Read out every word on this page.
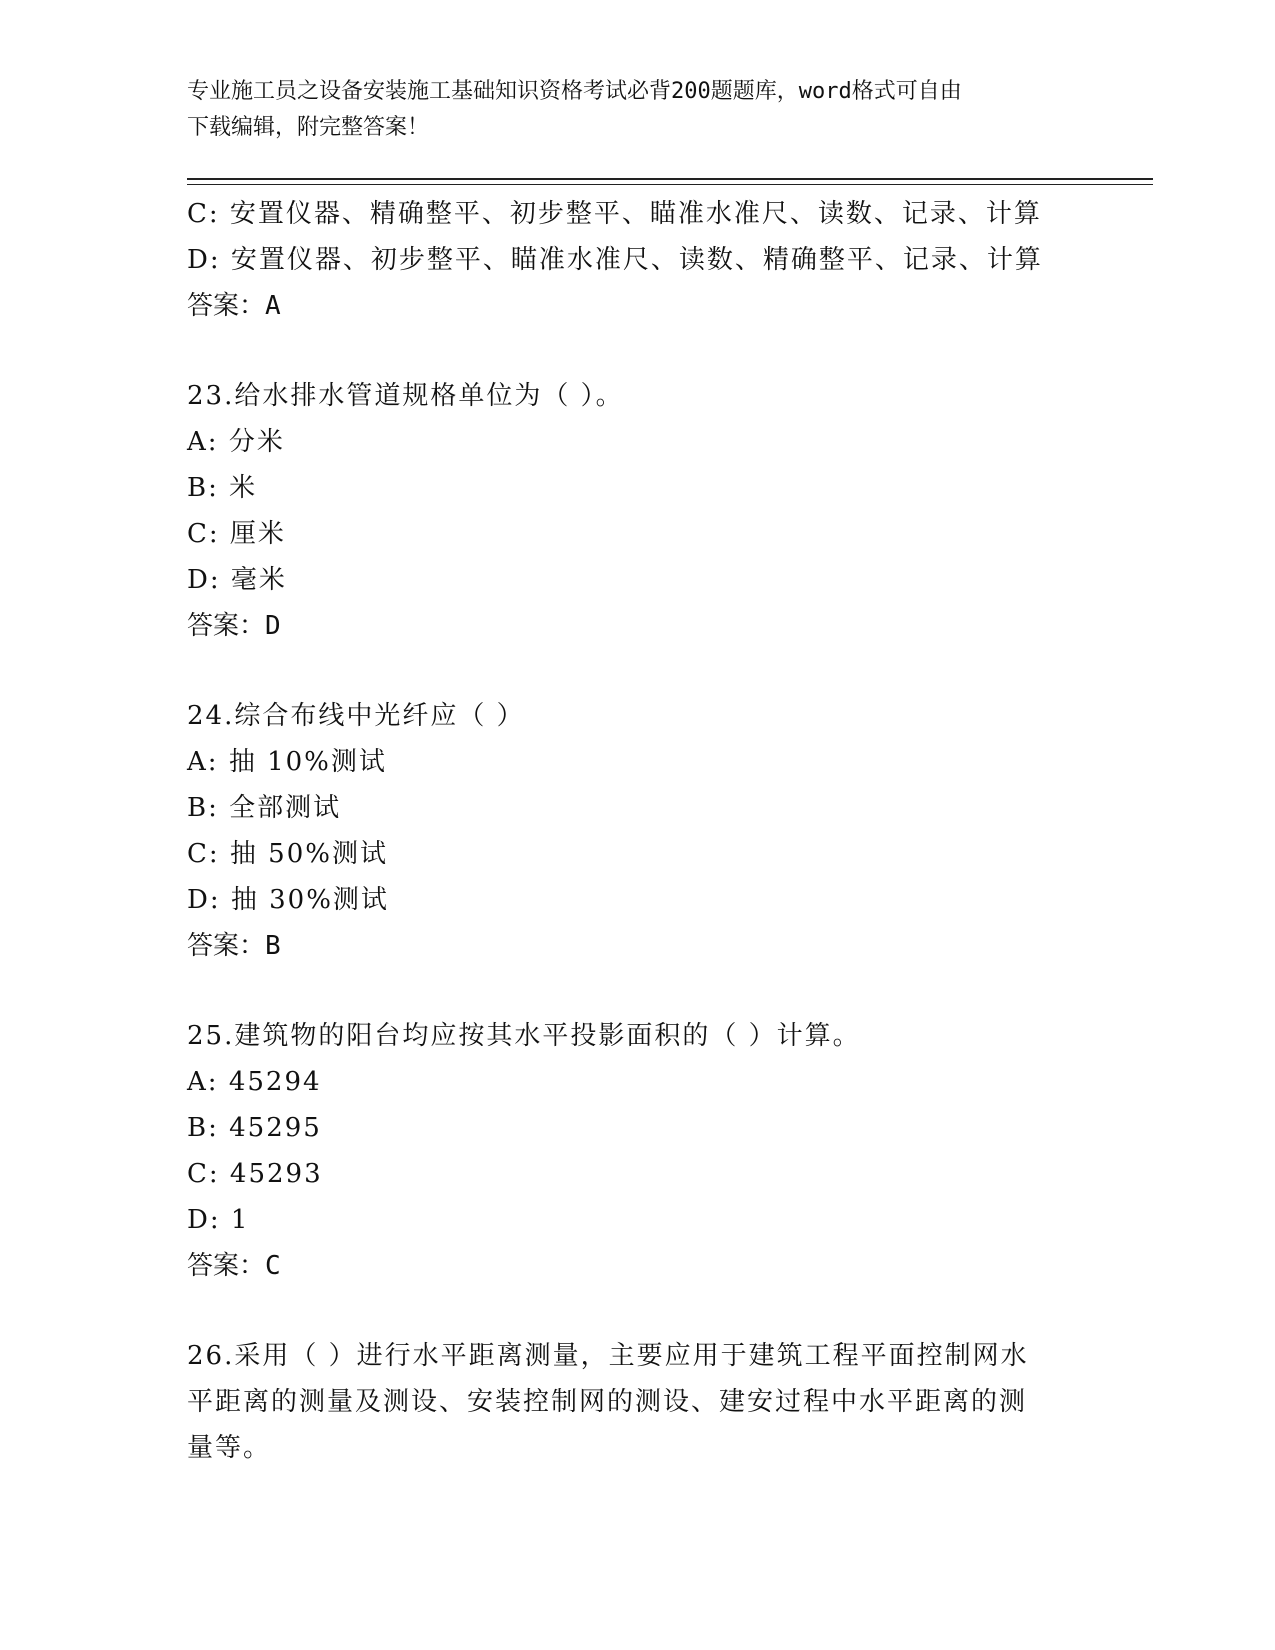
专业施工员之设备安装施工基础知识资格考试必背200题题库，word格式可自由
下载编辑，附完整答案！
C: 安置仪器、精确整平、初步整平、瞄准水准尺、读数、记录、计算
D: 安置仪器、初步整平、瞄准水准尺、读数、精确整平、记录、计算
答案：A
23.给水排水管道规格单位为（ ）。
A: 分米
B: 米
C: 厘米
D: 毫米
答案：D
24.综合布线中光纤应（ ）
A: 抽 10%测试
B: 全部测试
C: 抽 50%测试
D: 抽 30%测试
答案：B
25.建筑物的阳台均应按其水平投影面积的（ ）计算。
A: 45294
B: 45295
C: 45293
D: 1
答案：C
26.采用（ ）进行水平距离测量，主要应用于建筑工程平面控制网水
平距离的测量及测设、安装控制网的测设、建安过程中水平距离的测
量等。
